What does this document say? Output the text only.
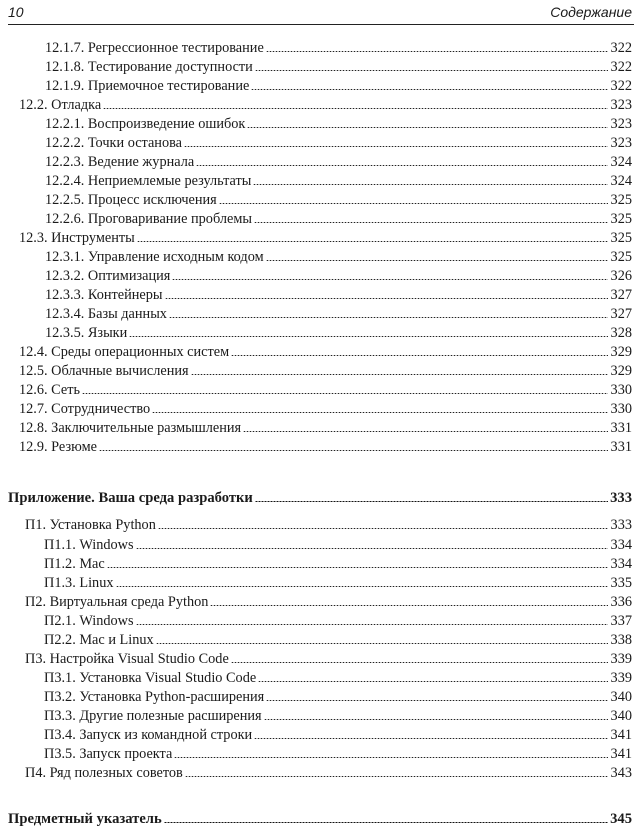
10	Содержание
12.1.7. Регрессионное тестирование	322
12.1.8. Тестирование доступности	322
12.1.9. Приемочное тестирование	322
12.2. Отладка	323
12.2.1. Воспроизведение ошибок	323
12.2.2. Точки останова	323
12.2.3. Ведение журнала	324
12.2.4. Неприемлемые результаты	324
12.2.5. Процесс исключения	325
12.2.6. Проговаривание проблемы	325
12.3. Инструменты	325
12.3.1. Управление исходным кодом	325
12.3.2. Оптимизация	326
12.3.3. Контейнеры	327
12.3.4. Базы данных	327
12.3.5. Языки	328
12.4. Среды операционных систем	329
12.5. Облачные вычисления	329
12.6. Сеть	330
12.7. Сотрудничество	330
12.8. Заключительные размышления	331
12.9. Резюме	331
Приложение. Ваша среда разработки	333
П1. Установка Python	333
П1.1. Windows	334
П1.2. Mac	334
П1.3. Linux	335
П2. Виртуальная среда Python	336
П2.1. Windows	337
П2.2. Mac и Linux	338
П3. Настройка Visual Studio Code	339
П3.1. Установка Visual Studio Code	339
П3.2. Установка Python-расширения	340
П3.3. Другие полезные расширения	340
П3.4. Запуск из командной строки	341
П3.5. Запуск проекта	341
П4. Ряд полезных советов	343
Предметный указатель	345
